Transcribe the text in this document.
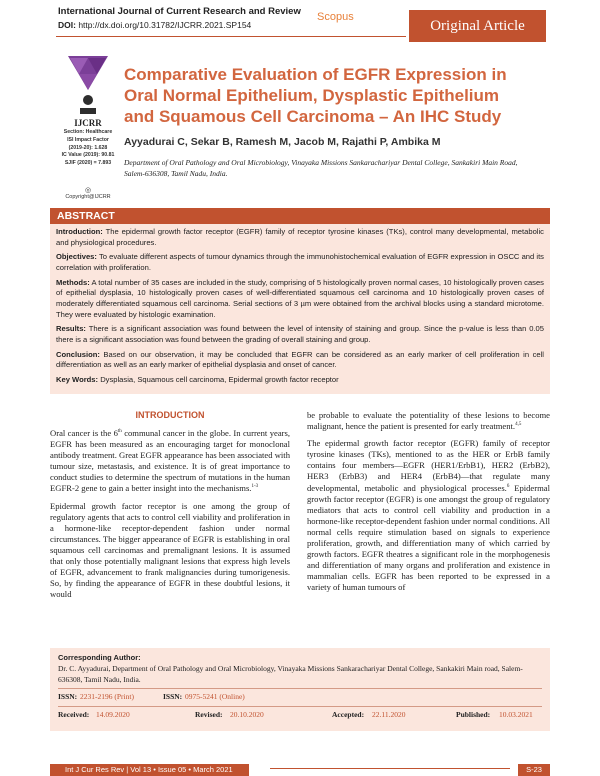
International Journal of Current Research and Review
DOI: http://dx.doi.org/10.31782/IJCRR.2021.SP154
Scopus
Original Article
IJCRR
Section: Healthcare
ISI Impact Factor
(2019-20): 1.628
IC Value (2019): 90.81
SJIF (2020) = 7.893
◎
Copyright@IJCRR
Comparative Evaluation of EGFR Expression in Oral Normal Epithelium, Dysplastic Epithelium and Squamous Cell Carcinoma – An IHC Study
Ayyadurai C, Sekar B, Ramesh M, Jacob M, Rajathi P, Ambika M
Department of Oral Pathology and Oral Microbiology, Vinayaka Missions Sankarachariyar Dental College, Sankakiri Main Road, Salem-636308, Tamil Nadu, India.
ABSTRACT

Introduction: The epidermal growth factor receptor (EGFR) family of receptor tyrosine kinases (TKs), control many developmental, metabolic and physiological procedures.

Objectives: To evaluate different aspects of tumour dynamics through the immunohistochemical evaluation of EGFR expression in OSCC and its correlation with proliferation.

Methods: A total number of 35 cases are included in the study, comprising of 5 histologically proven normal cases, 10 histologically proven cases of epithelial dysplasia, 10 histologically proven cases of well-differentiated squamous cell carcinoma and 10 histologically proven cases of moderately differentiated squamous cell carcinoma. Serial sections of 3 µm were obtained from the archival blocks using a standard microtome. They were evaluated by histologic examination.

Results: There is a significant association was found between the level of intensity of staining and group. Since the p-value is less than 0.05 there is a significant association was found between the grading of overall staining and group.

Conclusion: Based on our observation, it may be concluded that EGFR can be considered as an early marker of cell proliferation in cell differentiation as well as an early marker of epithelial dysplasia and onset of cancer.

Key Words: Dysplasia, Squamous cell carcinoma, Epidermal growth factor receptor

INTRODUCTION

Oral cancer is the 6th communal cancer in the globe. In current years, EGFR has been measured as an encouraging target for monoclonal antibody treatment. Great EGFR appearance has been associated with tumour size, metastasis, and existence. It is of great importance to conduct studies to determine the spectrum of mutations in the human EGFR-2 gene to gain a better insight into the mechanisms.$^{1-3}$

Epidermal growth factor receptor is one among the group of regulatory agents that acts to control cell viability and proliferation in a hormone-like receptor-dependent fashion under normal circumstances. The bigger appearance of EGFR is establishing in oral squamous cell carcinomas and premalignant lesions. It is assumed that only those potentially malignant lesions that express high levels of EGFR, advancement to frank malignancies during tumorigenesis. So, by finding the appearance of EGFR in these doubtful lesions, it would

be probable to evaluate the potentiality of these lesions to become malignant, hence the patient is presented for early treatment.$^{4,5}$

The epidermal growth factor receptor (EGFR) family of receptor tyrosine kinases (TKs), mentioned to as the HER or ErbB family contains four members—EGFR (HER1/ErbB1), HER2 (ErbB2), HER3 (ErbB3) and HER4 (ErbB4)—that regulate many developmental, metabolic and physiological processes.$^6$ Epidermal growth factor receptor (EGFR) is one amongst the group of regulatory mediators that acts to control cell viability and production in a hormone-like receptor-dependent fashion under normal conditions. All normal cells require stimulation based on signals to experience proliferation, growth, and differentiation many of which carried by growth factors. EGFR theatres a significant role in the morphogenesis and differentiation of many organs and proliferation and existence in mammalian cells. EGFR has been reported to be expressed in a variety of human tumours of

Corresponding Author:
Dr. C. Ayyadurai, Department of Oral Pathology and Oral Microbiology, Vinayaka Missions Sankarachariyar Dental College, Sankakiri Main road, Salem-636308, Tamil Nadu, India.
ISSN: 2231-2196 (Print)	ISSN: 0975-5241 (Online)
Received: 14.09.2020	Revised: 20.10.2020	Accepted: 22.11.2020	Published: 10.03.2021
Int J Cur Res Rev | Vol 13 • Issue 05 • March 2021	S-23
